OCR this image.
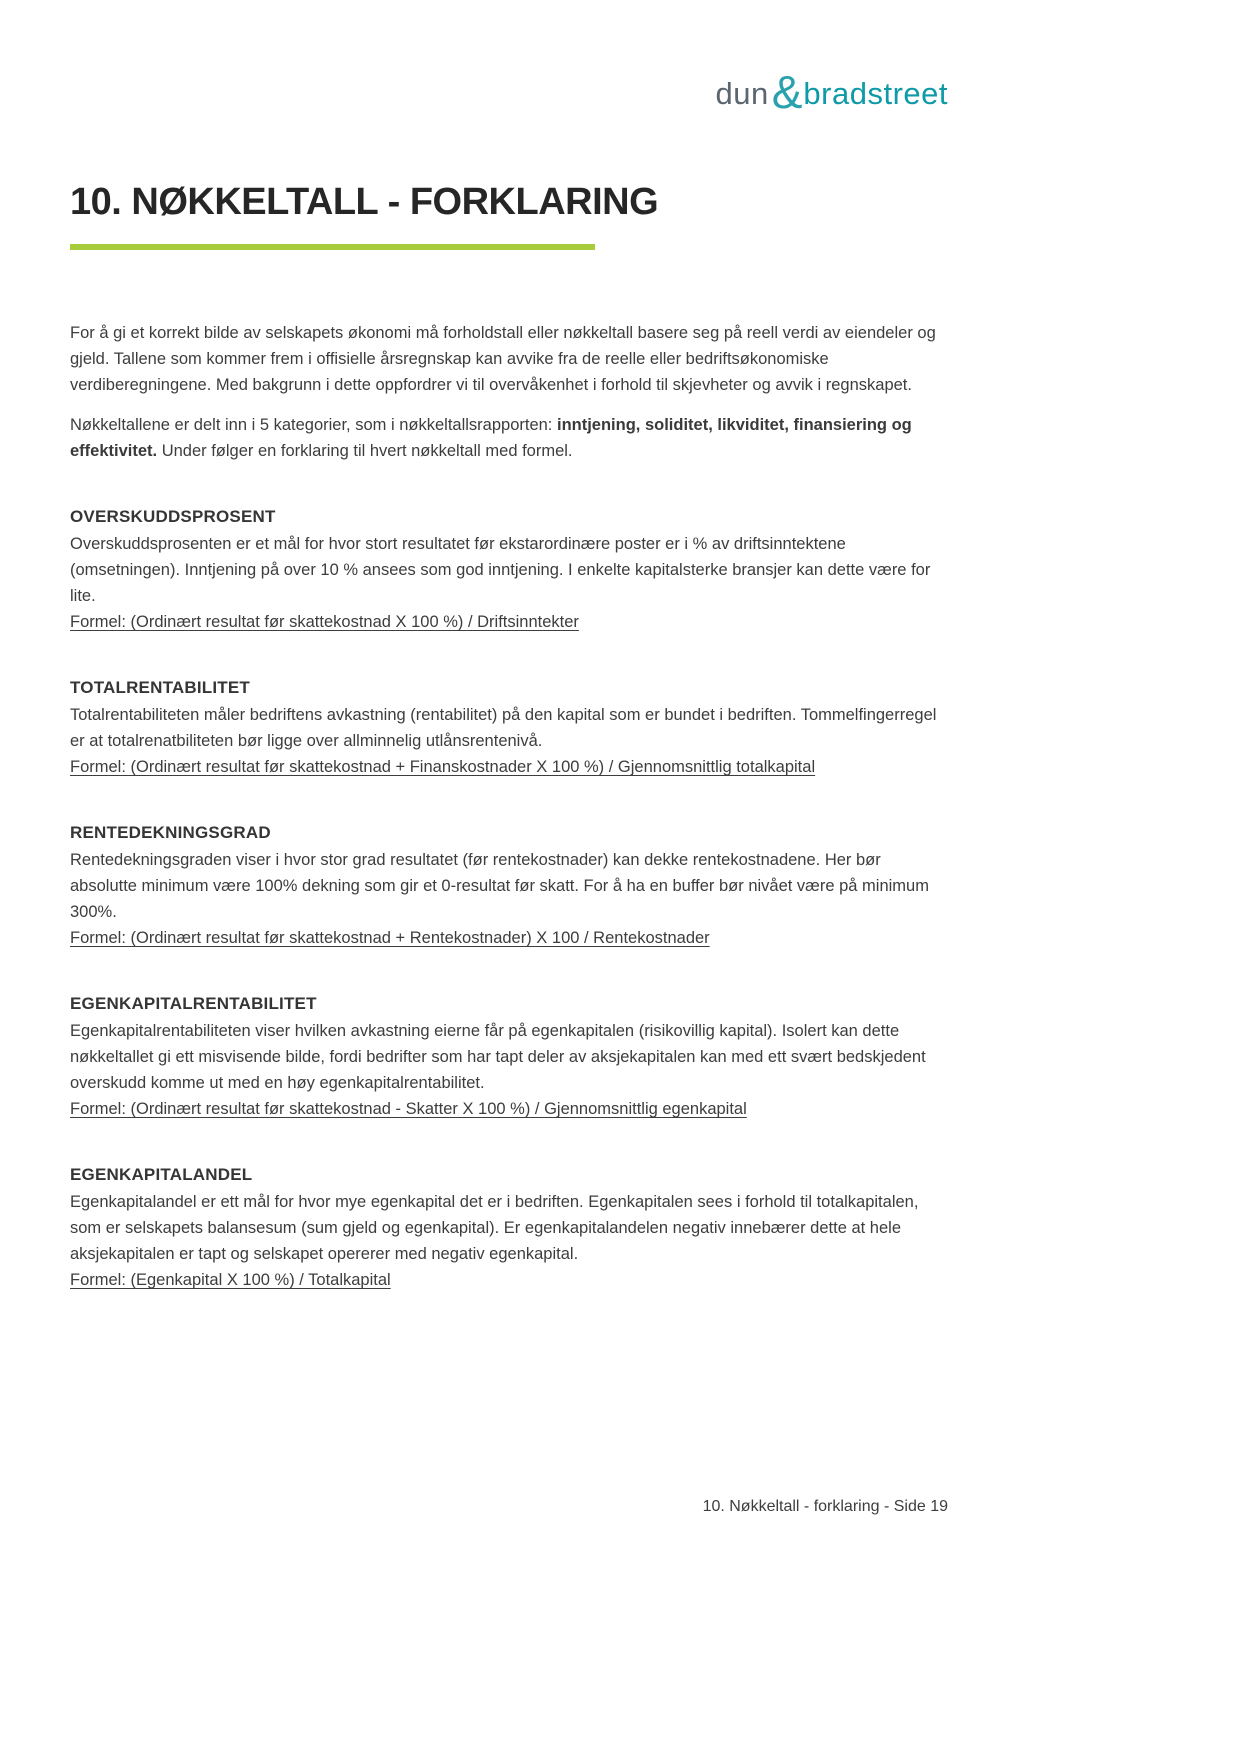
dun&bradstreet
10. NØKKELTALL - FORKLARING

For å gi et korrekt bilde av selskapets økonomi må forholdstall eller nøkkeltall basere seg på reell verdi av eiendeler og gjeld. Tallene som kommer frem i offisielle årsregnskap kan avvike fra de reelle eller bedriftsøkonomiske verdiberegningene. Med bakgrunn i dette oppfordrer vi til overvåkenhet i forhold til skjevheter og avvik i regnskapet.

Nøkkeltallene er delt inn i 5 kategorier, som i nøkkeltallsrapporten: inntjening, soliditet, likviditet, finansiering og effektivitet. Under følger en forklaring til hvert nøkkeltall med formel.

OVERSKUDDSPROSENT

Overskuddsprosenten er et mål for hvor stort resultatet før ekstarordinære poster er i % av driftsinntektene (omsetningen). Inntjening på over 10 % ansees som god inntjening. I enkelte kapitalsterke bransjer kan dette være for lite.

Formel: (Ordinært resultat før skattekostnad X 100 %) / Driftsinntekter

TOTALRENTABILITET

Totalrentabiliteten måler bedriftens avkastning (rentabilitet) på den kapital som er bundet i bedriften. Tommelfingerregel er at totalrenatbiliteten bør ligge over allminnelig utlånsrentenivå.

Formel: (Ordinært resultat før skattekostnad + Finanskostnader X 100 %) / Gjennomsnittlig totalkapital

RENTEDEKNINGSGRAD

Rentedekningsgraden viser i hvor stor grad resultatet (før rentekostnader) kan dekke rentekostnadene. Her bør absolutte minimum være 100% dekning som gir et 0-resultat før skatt. For å ha en buffer bør nivået være på minimum 300%.

Formel: (Ordinært resultat før skattekostnad + Rentekostnader) X 100 / Rentekostnader

EGENKAPITALRENTABILITET

Egenkapitalrentabiliteten viser hvilken avkastning eierne får på egenkapitalen (risikovillig kapital). Isolert kan dette nøkkeltallet gi ett misvisende bilde, fordi bedrifter som har tapt deler av aksjekapitalen kan med ett svært bedskjedent overskudd komme ut med en høy egenkapitalrentabilitet.

Formel: (Ordinært resultat før skattekostnad - Skatter X 100 %) / Gjennomsnittlig egenkapital

EGENKAPITALANDEL

Egenkapitalandel er ett mål for hvor mye egenkapital det er i bedriften. Egenkapitalen sees i forhold til totalkapitalen, som er selskapets balansesum (sum gjeld og egenkapital). Er egenkapitalandelen negativ innebærer dette at hele aksjekapitalen er tapt og selskapet opererer med negativ egenkapital.

Formel: (Egenkapital X 100 %) / Totalkapital

10. Nøkkeltall - forklaring - Side 19
